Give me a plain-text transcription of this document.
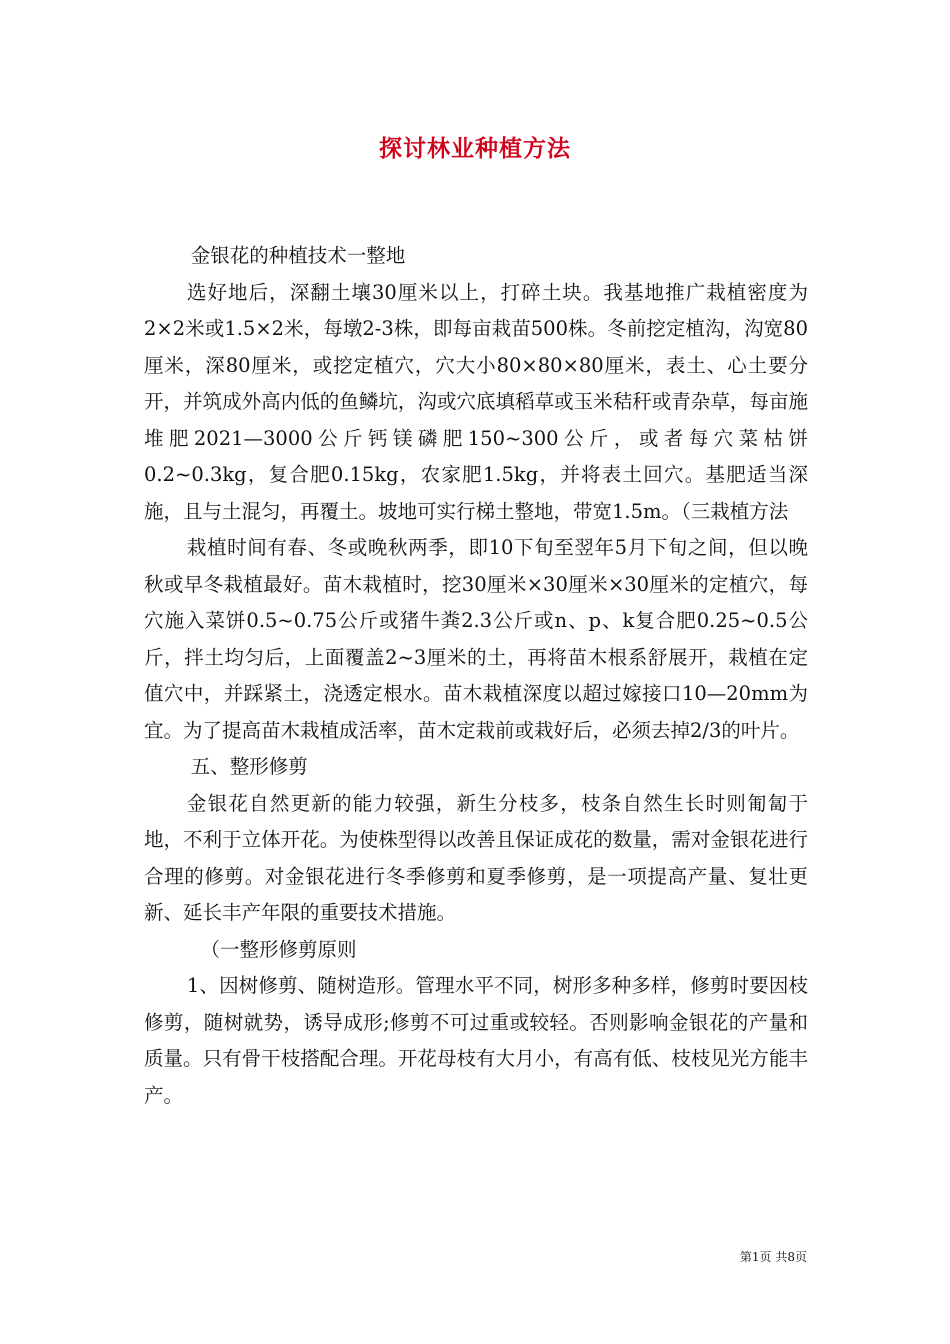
探讨林业种植方法

金银花的种植技术一整地

选好地后，深翻土壤30厘米以上，打碎土块。我基地推广栽植密度为2×2米或1.5×2米，每墩2-3株，即每亩栽苗500株。冬前挖定植沟，沟宽80厘米，深80厘米，或挖定植穴，穴大小80×80×80厘米，表土、心土要分开，并筑成外高内低的鱼鳞坑，沟或穴底填稻草或玉米秸秆或青杂草，每亩施堆肥2021—3000公斤钙镁磷肥150~300公斤，或者每穴菜枯饼0.2~0.3kg，复合肥0.15kg，农家肥1.5kg，并将表土回穴。基肥适当深施，且与土混匀，再覆土。坡地可实行梯土整地，带宽1.5m。（三栽植方法

栽植时间有春、冬或晚秋两季，即10下旬至翌年5月下旬之间，但以晚秋或早冬栽植最好。苗木栽植时，挖30厘米×30厘米×30厘米的定植穴，每穴施入菜饼0.5~0.75公斤或猪牛粪2.3公斤或n、p、k复合肥0.25~0.5公斤，拌土均匀后，上面覆盖2~3厘米的土，再将苗木根系舒展开，栽植在定值穴中，并踩紧土，浇透定根水。苗木栽植深度以超过嫁接口10—20mm为宜。为了提高苗木栽植成活率，苗木定栽前或栽好后，必须去掉2/3的叶片。

五、整形修剪

金银花自然更新的能力较强，新生分枝多，枝条自然生长时则匍匐于地，不利于立体开花。为使株型得以改善且保证成花的数量，需对金银花进行合理的修剪。对金银花进行冬季修剪和夏季修剪，是一项提高产量、复壮更新、延长丰产年限的重要技术措施。

（一整形修剪原则

1、因树修剪、随树造形。管理水平不同，树形多种多样，修剪时要因枝修剪，随树就势，诱导成形;修剪不可过重或较轻。否则影响金银花的产量和质量。只有骨干枝搭配合理。开花母枝有大月小，有高有低、枝枝见光方能丰产。

第1页 共8页
